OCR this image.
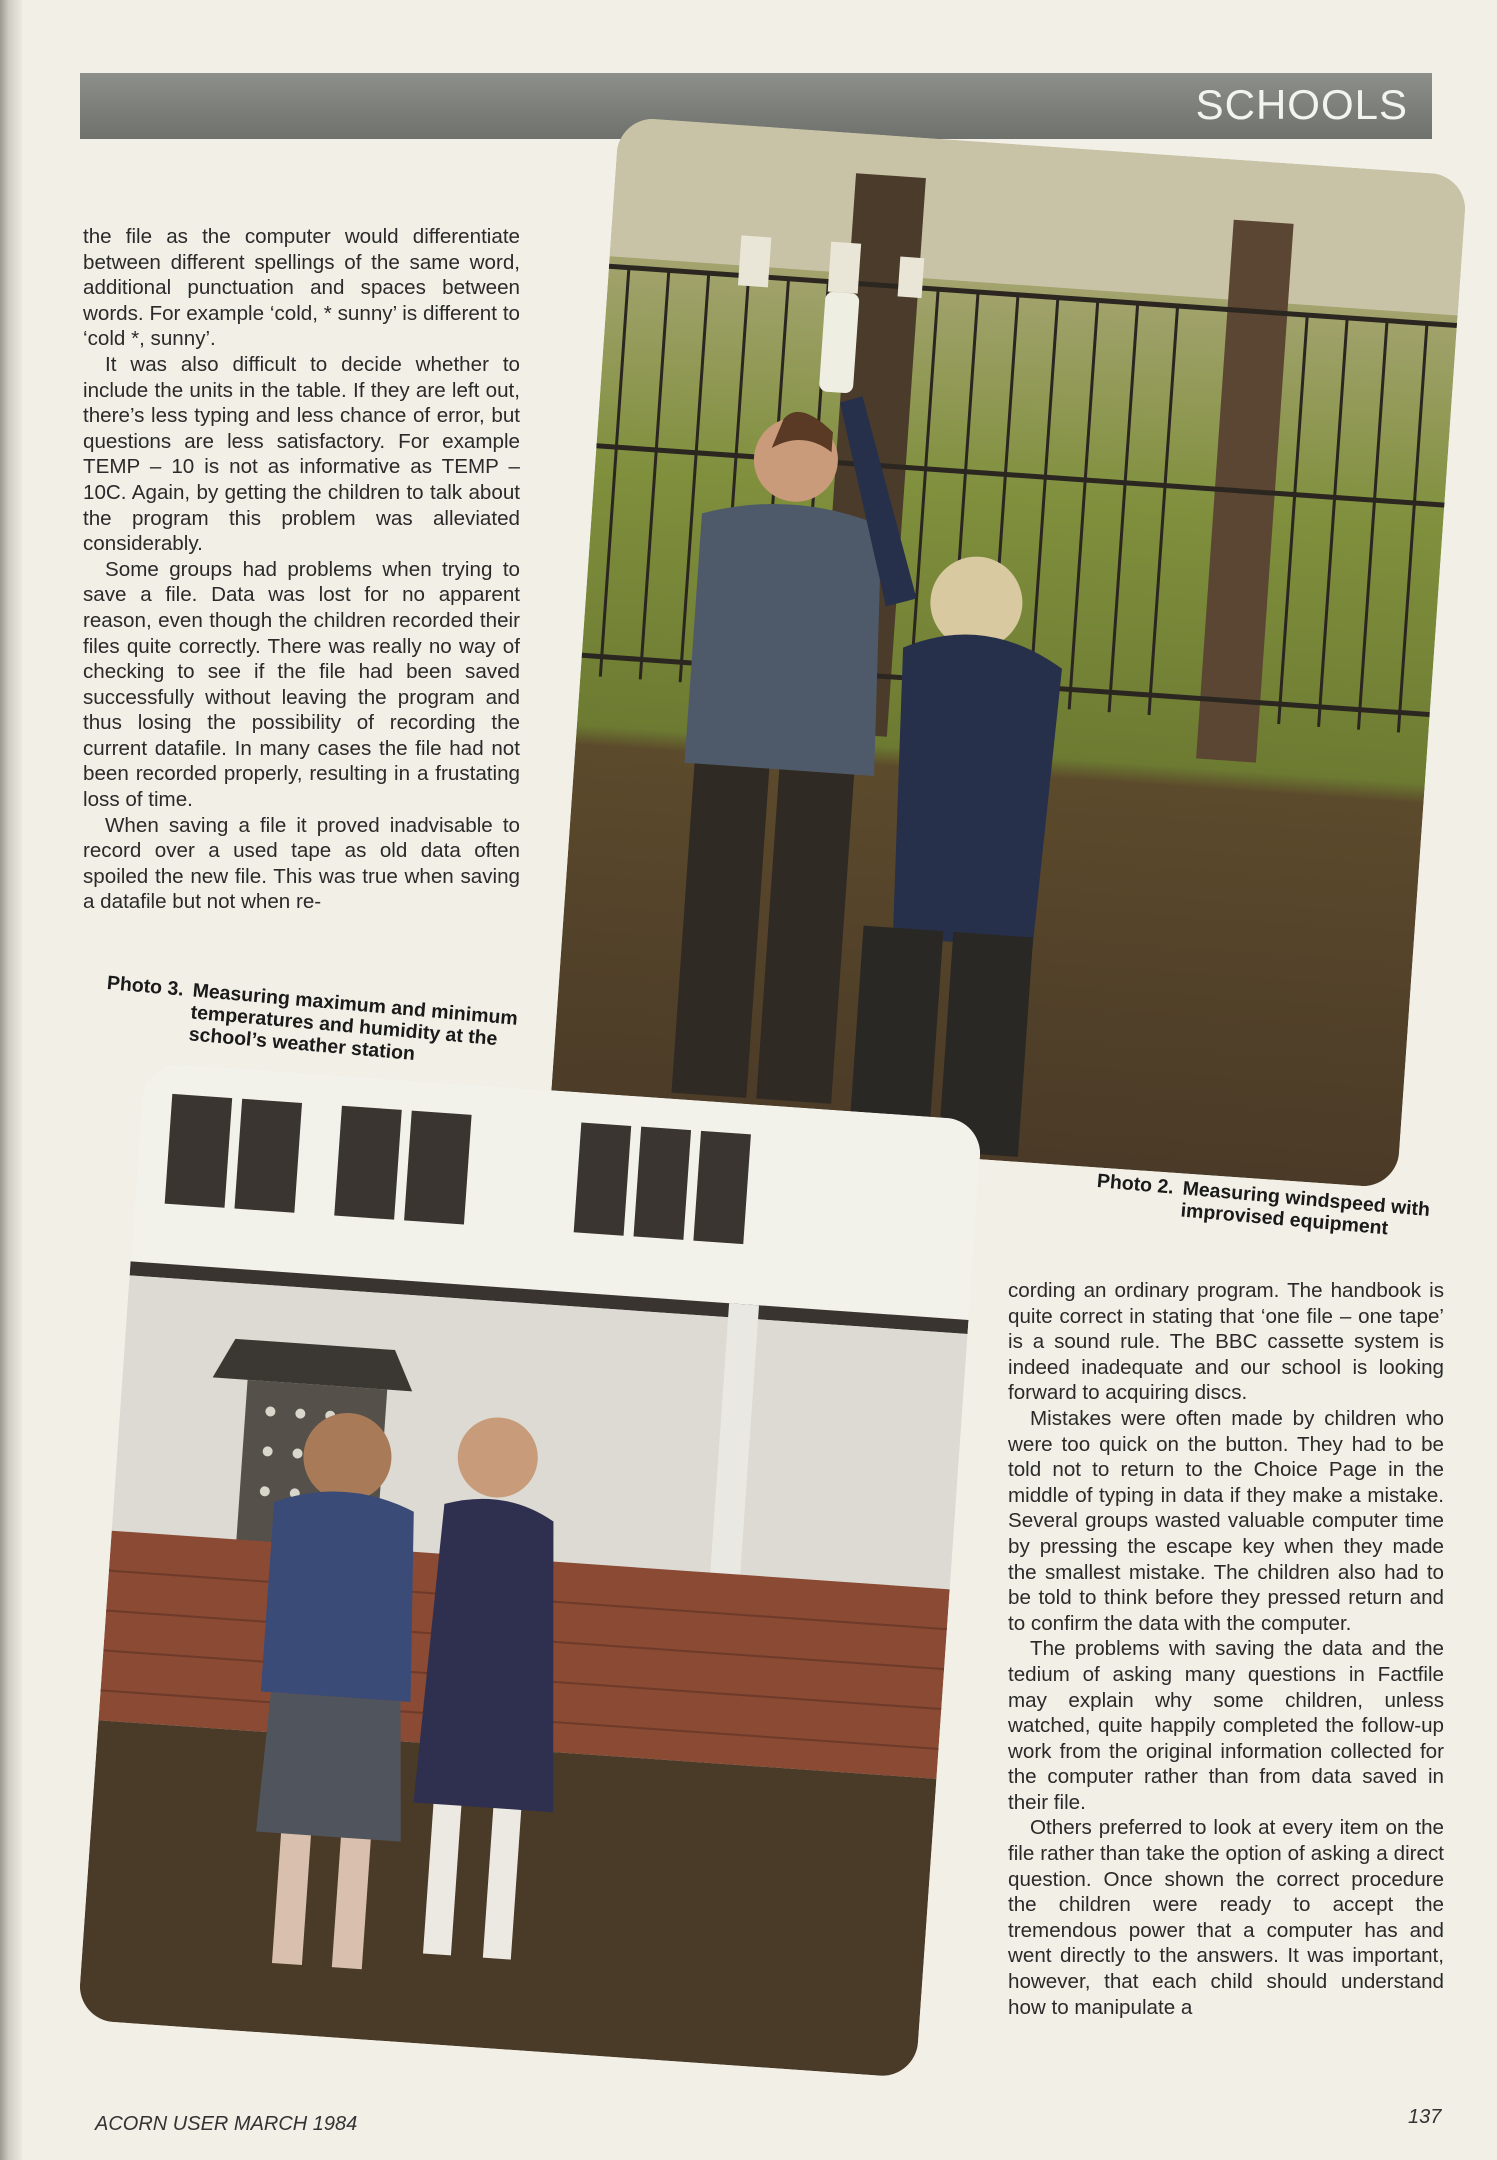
SCHOOLS

the file as the computer would differentiate between different spellings of the same word, additional punctuation and spaces between words. For example ‘cold, * sunny’ is different to ‘cold *, sunny’.

It was also difficult to decide whether to include the units in the table. If they are left out, there’s less typing and less chance of error, but questions are less satisfactory. For example TEMP – 10 is not as informative as TEMP – 10C. Again, by getting the children to talk about the program this problem was alleviated considerably.

Some groups had problems when trying to save a file. Data was lost for no apparent reason, even though the children recorded their files quite correctly. There was really no way of checking to see if the file had been saved successfully without leaving the program and thus losing the possibility of recording the current datafile. In many cases the file had not been recorded properly, resulting in a frustating loss of time.

When saving a file it proved inadvisable to record over a used tape as old data often spoiled the new file. This was true when saving a datafile but not when re-

Photo 3. Measuring maximum and minimum temperatures and humidity at the school’s weather station
Photo 2. Measuring windspeed with improvised equipment

cording an ordinary program. The handbook is quite correct in stating that ‘one file – one tape’ is a sound rule. The BBC cassette system is indeed inadequate and our school is looking forward to acquiring discs.

Mistakes were often made by children who were too quick on the button. They had to be told not to return to the Choice Page in the middle of typing in data if they make a mistake. Several groups wasted valuable computer time by pressing the escape key when they made the smallest mistake. The children also had to be told to think before they pressed return and to confirm the data with the computer.

The problems with saving the data and the tedium of asking many questions in Factfile may explain why some children, unless watched, quite happily completed the follow-up work from the original information collected for the computer rather than from data saved in their file.

Others preferred to look at every item on the file rather than take the option of asking a direct question. Once shown the correct procedure the children were ready to accept the tremendous power that a computer has and went directly to the answers. It was important, however, that each child should understand how to manipulate a

ACORN USER MARCH 1984	137
